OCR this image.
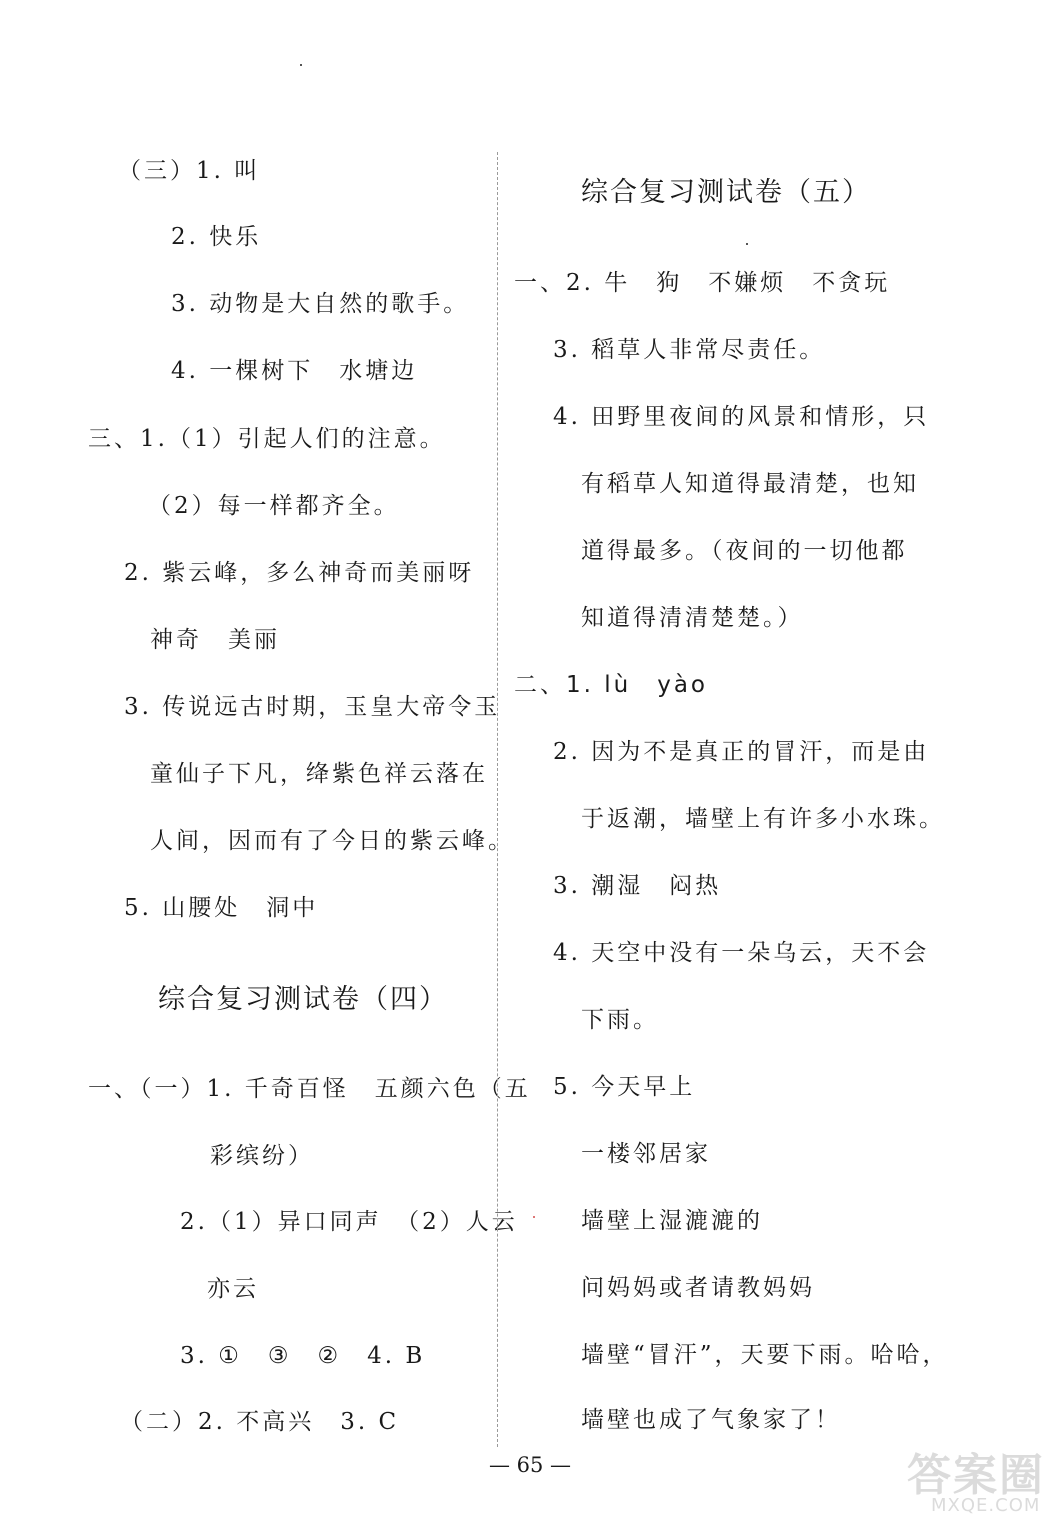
（三）1. 叫
2. 快乐
3. 动物是大自然的歌手。
4. 一棵树下　水塘边
三、1.（1）引起人们的注意。
（2）每一样都齐全。
2. 紫云峰，多么神奇而美丽呀
神奇　美丽
3. 传说远古时期，玉皇大帝令玉
童仙子下凡，绛紫色祥云落在
人间，因而有了今日的紫云峰。
5. 山腰处　洞中
综合复习测试卷（四）
一、（一）1. 千奇百怪　五颜六色（五
彩缤纷）
2.（1）异口同声　（2）人云
亦云
3. ①　③　②　4. B
（二）2. 不高兴　3. C
综合复习测试卷（五）
一、2. 牛　狗　不嫌烦　不贪玩
3. 稻草人非常尽责任。
4. 田野里夜间的风景和情形，只
有稻草人知道得最清楚，也知
道得最多。（夜间的一切他都
知道得清清楚楚。）
二、1. lù　yào
2. 因为不是真正的冒汗，而是由
于返潮，墙壁上有许多小水珠。
3. 潮湿　闷热
4. 天空中没有一朵乌云，天不会
下雨。
5. 今天早上
一楼邻居家
墙壁上湿漉漉的
问妈妈或者请教妈妈
墙壁“冒汗”，天要下雨。哈哈，
墙壁也成了气象家了！
— 65 —	答案圈
MXQE.COM
